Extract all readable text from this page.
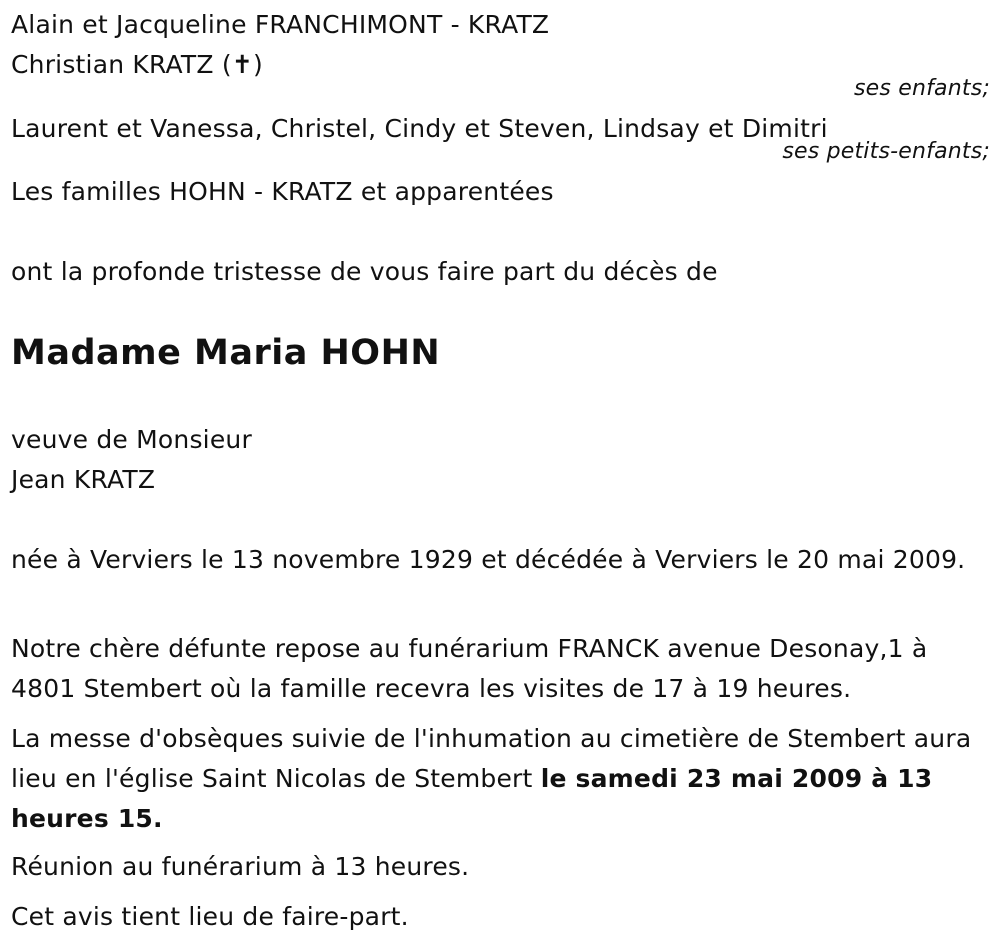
Alain et Jacqueline FRANCHIMONT - KRATZ
Christian KRATZ (✝)
ses enfants;
Laurent et Vanessa, Christel, Cindy et Steven, Lindsay et Dimitri
ses petits-enfants;
Les familles HOHN - KRATZ et apparentées
ont la profonde tristesse de vous faire part du décès de
Madame Maria HOHN
veuve de Monsieur
Jean KRATZ
née à Verviers le 13 novembre 1929 et décédée à Verviers le 20 mai 2009.
Notre chère défunte repose au funérarium FRANCK avenue Desonay,1 à 4801 Stembert où la famille recevra les visites de 17 à 19 heures.
La messe d'obsèques suivie de l'inhumation au cimetière de Stembert aura lieu en l'église Saint Nicolas de Stembert le samedi 23 mai 2009 à 13 heures 15.
Réunion au funérarium à 13 heures.
Cet avis tient lieu de faire-part.
